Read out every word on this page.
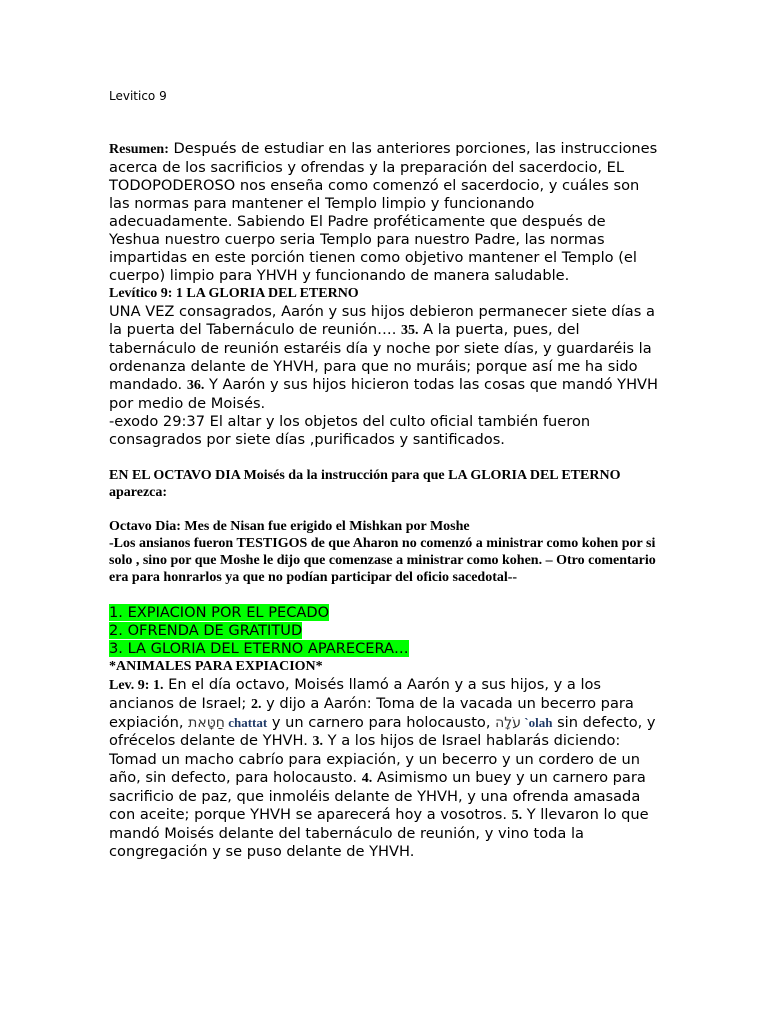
Levitico 9

Resumen: Después de estudiar en las anteriores porciones, las instrucciones acerca de los sacrificios y ofrendas y la preparación del sacerdocio, EL TODOPODEROSO nos enseña como comenzó el sacerdocio, y cuáles son las normas para mantener el Templo limpio y funcionando adecuadamente. Sabiendo El Padre proféticamente que después de Yeshua nuestro cuerpo seria Templo para nuestro Padre, las normas impartidas en este porción tienen como objetivo mantener el Templo (el cuerpo) limpio para YHVH y funcionando de manera saludable.

Levítico 9: 1 LA GLORIA DEL ETERNO

UNA VEZ consagrados, Aarón y sus hijos debieron permanecer siete días a la puerta del Tabernáculo de reunión…. 35. A la puerta, pues, del tabernáculo de reunión estaréis día y noche por siete días, y guardaréis la ordenanza delante de YHVH, para que no muráis; porque así me ha sido mandado. 36. Y Aarón y sus hijos hicieron todas las cosas que mandó YHVH por medio de Moisés.

-exodo 29:37 El altar y los objetos del culto oficial también fueron consagrados por siete días ,purificados y santificados.

EN EL OCTAVO DIA Moisés da la instrucción para que LA GLORIA DEL ETERNO aparezca:

Octavo Dia: Mes de Nisan fue erigido el Mishkan por Moshe

-Los ansianos fueron TESTIGOS de que Aharon no comenzó a ministrar como kohen por si solo , sino por que Moshe le dijo que comenzase a ministrar como kohen. – Otro comentario era para honrarlos ya que no podían participar del oficio sacedotal--

1. EXPIACION POR EL PECADO

2. OFRENDA DE GRATITUD

3. LA GLORIA DEL ETERNO APARECERA…

*ANIMALES PARA EXPIACION*

Lev. 9: 1. En el día octavo, Moisés llamó a Aarón y a sus hijos, y a los ancianos de Israel; 2. y dijo a Aarón: Toma de la vacada un becerro para expiación, חַטָּאת chattat y un carnero para holocausto, עֹלָה `olah sin defecto, y ofrécelos delante de YHVH. 3. Y a los hijos de Israel hablarás diciendo: Tomad un macho cabrío para expiación, y un becerro y un cordero de un año, sin defecto, para holocausto. 4. Asimismo un buey y un carnero para sacrificio de paz, que inmoléis delante de YHVH, y una ofrenda amasada con aceite; porque YHVH se aparecerá hoy a vosotros. 5. Y llevaron lo que mandó Moisés delante del tabernáculo de reunión, y vino toda la congregación y se puso delante de YHVH.
